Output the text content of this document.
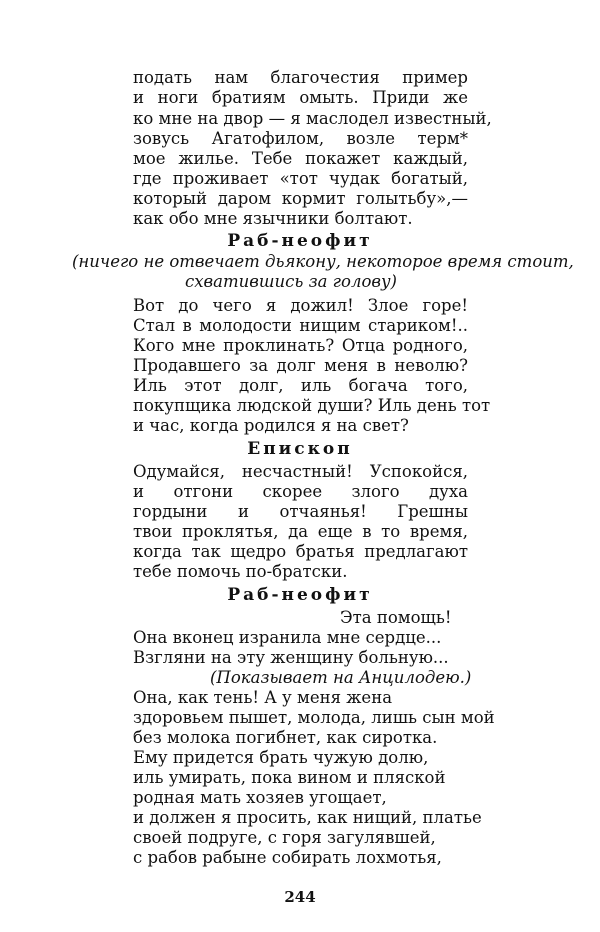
подать нам благочестия пример
и ноги братиям омыть. Приди же
ко мне на двор — я маслодел известный,
зовусь Агатофилом, возле терм*
мое жилье. Тебе покажет каждый,
где проживает «тот чудак богатый,
который даром кормит голытьбу»,—
как обо мне язычники болтают.
Раб-неофит
(ничего не отвечает дьякону, некоторое время стоит,
схватившись за голову)
Вот до чего я дожил! Злое горе!
Стал в молодости нищим стариком!..
Кого мне проклинать? Отца родного,
Продавшего за долг меня в неволю?
Иль этот долг, иль богача того,
покупщика людской души? Иль день тот
и час, когда родился я на свет?
Епископ
Одумайся, несчастный! Успокойся,
и отгони скорее злого духа
гордыни и отчаянья! Грешны
твои проклятья, да еще в то время,
когда так щедро братья предлагают
тебе помочь по-братски.
Раб-неофит
Эта помощь!
Она вконец изранила мне сердце...
Взгляни на эту женщину больную...
(Показывает на Анцилодею.)
Она, как тень! А у меня жена
здоровьем пышет, молода, лишь сын мой
без молока погибнет, как сиротка.
Ему придется брать чужую долю,
иль умирать, пока вином и пляской
родная мать хозяев угощает,
и должен я просить, как нищий, платье
своей подруге, с горя загулявшей,
с рабов рабыне собирать лохмотья,
244
